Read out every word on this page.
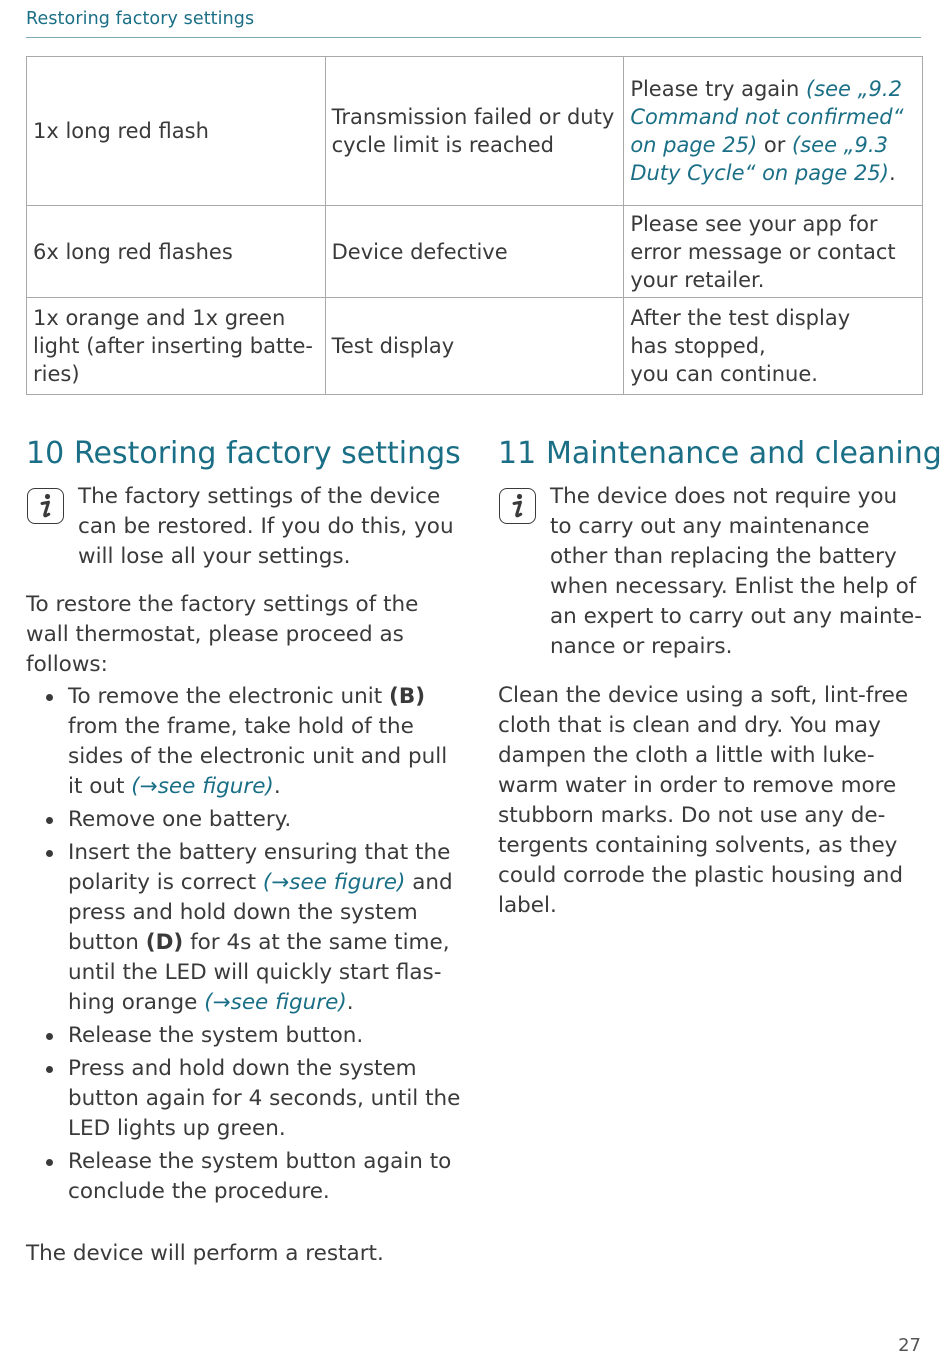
Restoring factory settings
1x long red flash	Transmission failed or duty cycle limit is reached	Please try again (see „9.2 Command not confirmed“ on page 25) or (see „9.3 Duty Cycle“ on page 25).
6x long red flashes	Device defective	Please see your app for error message or contact your retailer.
1x orange and 1x green light (after inserting batte-ries)	Test display	After the test display
has stopped,
you can continue.
10 Restoring factory settings
The factory settings of the device can be restored. If you do this, you will lose all your settings.

To restore the factory settings of the wall thermostat, please proceed as follows:

To remove the electronic unit (B) from the frame, take hold of the sides of the electronic unit and pull it out (→see figure).
Remove one battery.
Insert the battery ensuring that the polarity is correct (→see figure) and press and hold down the system button (D) for 4s at the same time, until the LED will quickly start flas-hing orange (→see figure).
Release the system button.
Press and hold down the system button again for 4 seconds, until the LED lights up green.
Release the system button again to conclude the procedure.

The device will perform a restart.

11 Maintenance and cleaning
The device does not require you to carry out any maintenance other than replacing the battery when necessary. Enlist the help of an expert to carry out any mainte-nance or repairs.

Clean the device using a soft, lint-free cloth that is clean and dry. You may dampen the cloth a little with luke-warm water in order to remove more stubborn marks. Do not use any de-tergents containing solvents, as they could corrode the plastic housing and label.

27
